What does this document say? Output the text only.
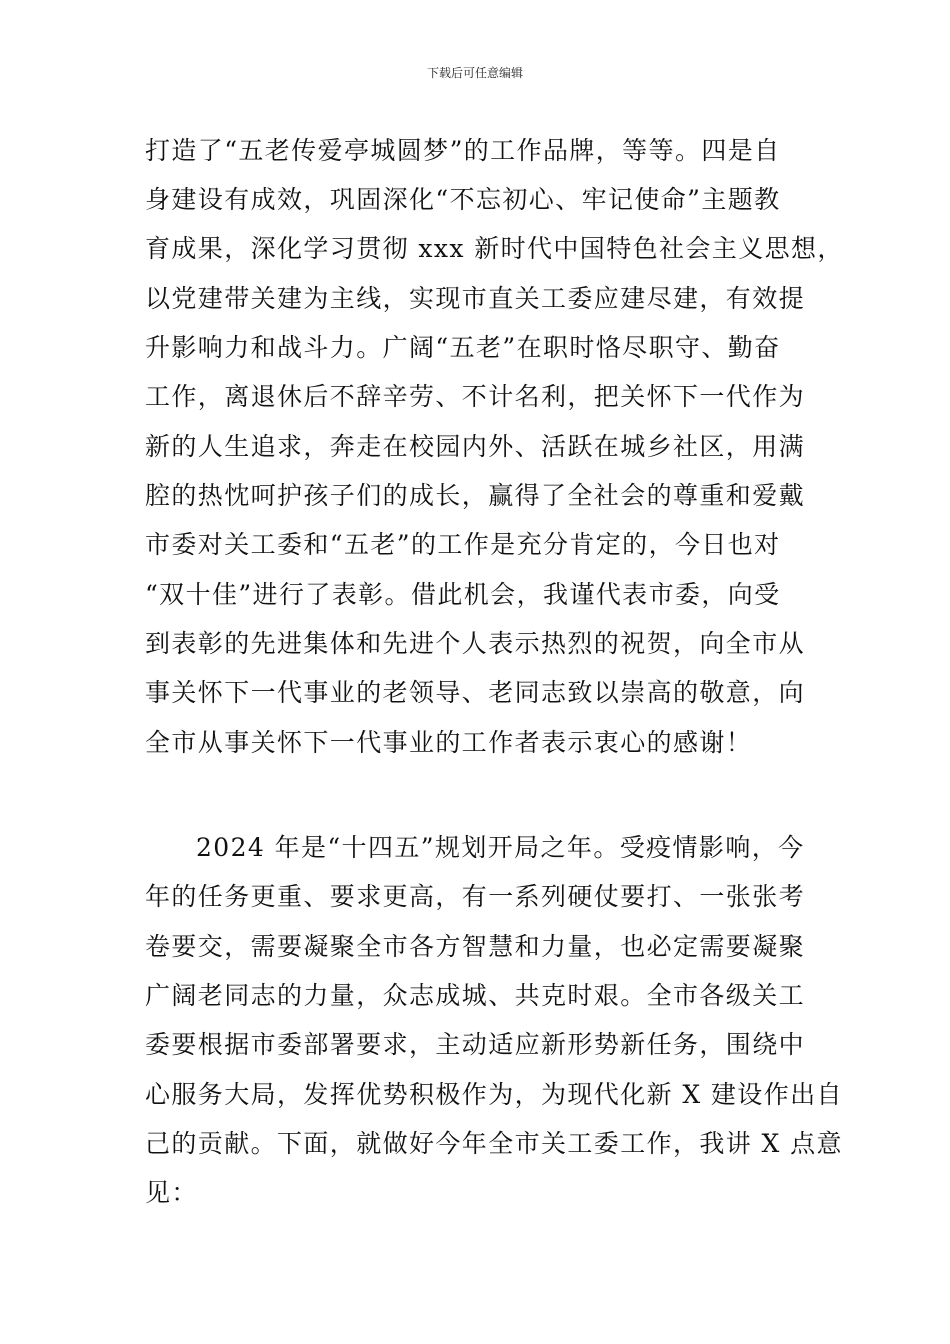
下载后可任意编辑
打造了“五老传爱亭城圆梦”的工作品牌，等等。四是自
身建设有成效，巩固深化“不忘初心、牢记使命”主题教
育成果，深化学习贯彻 xxx 新时代中国特色社会主义思想，
以党建带关建为主线，实现市直关工委应建尽建，有效提
升影响力和战斗力。广阔“五老”在职时恪尽职守、勤奋
工作，离退休后不辞辛劳、不计名利，把关怀下一代作为
新的人生追求，奔走在校园内外、活跃在城乡社区，用满
腔的热忱呵护孩子们的成长，赢得了全社会的尊重和爱戴
市委对关工委和“五老”的工作是充分肯定的，今日也对
“双十佳”进行了表彰。借此机会，我谨代表市委，向受
到表彰的先进集体和先进个人表示热烈的祝贺，向全市从
事关怀下一代事业的老领导、老同志致以崇高的敬意，向
全市从事关怀下一代事业的工作者表示衷心的感谢！
2024 年是“十四五”规划开局之年。受疫情影响，今
年的任务更重、要求更高，有一系列硬仗要打、一张张考
卷要交，需要凝聚全市各方智慧和力量，也必定需要凝聚
广阔老同志的力量，众志成城、共克时艰。全市各级关工
委要根据市委部署要求，主动适应新形势新任务，围绕中
心服务大局，发挥优势积极作为，为现代化新 X 建设作出自
己的贡献。下面，就做好今年全市关工委工作，我讲 X 点意
见：
